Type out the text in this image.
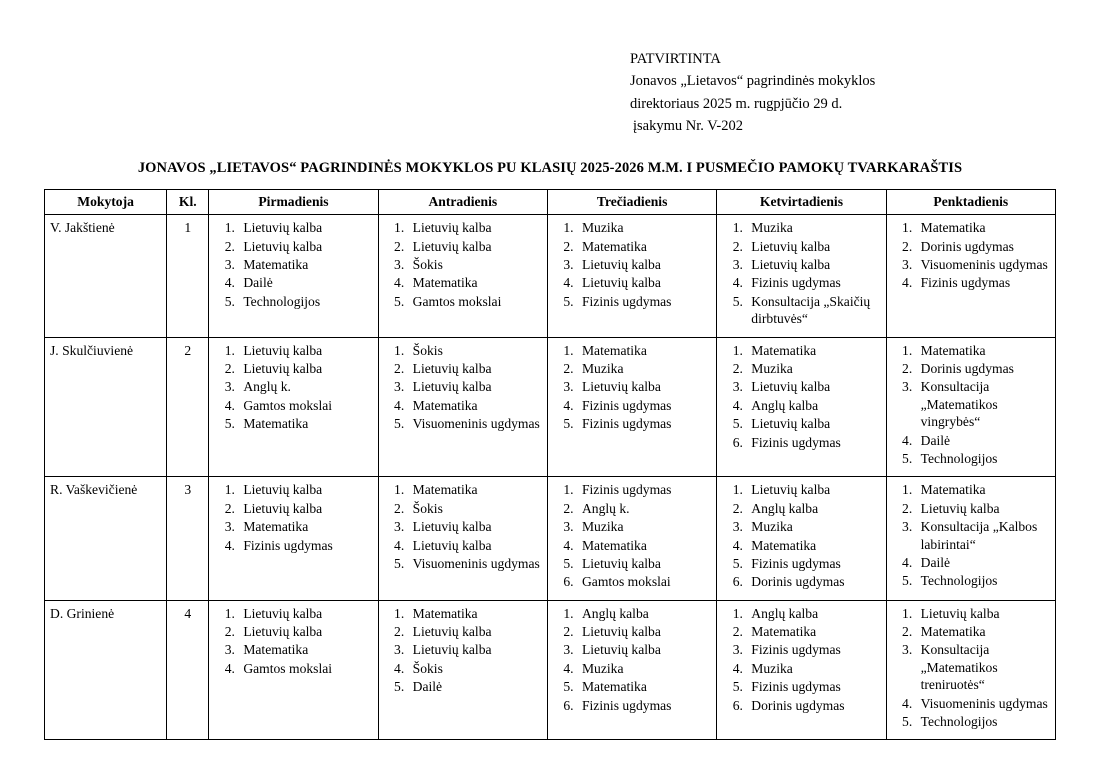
PATVIRTINTA
Jonavos „Lietavos“ pagrindinės mokyklos
direktoriaus 2025 m. rugpjūčio 29 d.
įsakymu Nr. V-202
JONAVOS „LIETAVOS“ PAGRINDINĖS MOKYKLOS PU KLASIŲ 2025-2026 M.M. I PUSMEČIO PAMOKŲ TVARKARAŠTIS
Mokytoja	Kl.	Pirmadienis	Antradienis	Trečiadienis	Ketvirtadienis	Penktadienis
V. Jakštienė	1	
1.Lietuvių kalba
2. Lietuvių kalba
3. Matematika
4. Dailė
5. Technologijos

1. Lietuvių kalba
2. Lietuvių kalba
3. Šokis
4. Matematika
5. Gamtos mokslai

1. Muzika
2. Matematika
3. Lietuvių kalba
4. Lietuvių kalba
5. Fizinis ugdymas

1. Muzika
2. Lietuvių kalba
3. Lietuvių kalba
4. Fizinis ugdymas
5. Konsultacija „Skaičių dirbtuvės“

1. Matematika
2. Dorinis ugdymas
3. Visuomeninis ugdymas
4. Fizinis ugdymas

J. Skulčiuvienė	2	
1.Lietuvių kalba
2. Lietuvių kalba
3. Anglų k.
4. Gamtos mokslai
5. Matematika

1. Šokis
2. Lietuvių kalba
3. Lietuvių kalba
4. Matematika
5. Visuomeninis ugdymas

1. Matematika
2. Muzika
3. Lietuvių kalba
4. Fizinis ugdymas
5. Fizinis ugdymas

1. Matematika
2. Muzika
3. Lietuvių kalba
4. Anglų kalba
5. Lietuvių kalba
6. Fizinis ugdymas

1. Matematika
2. Dorinis ugdymas
3. Konsultacija „Matematikos vingrybės“
4. Dailė
5. Technologijos

R. Vaškevičienė	3	
1.Lietuvių kalba
2. Lietuvių kalba
3. Matematika
4. Fizinis ugdymas

1. Matematika
2. Šokis
3. Lietuvių kalba
4. Lietuvių kalba
5. Visuomeninis ugdymas

1. Fizinis ugdymas
2. Anglų k.
3. Muzika
4. Matematika
5. Lietuvių kalba
6. Gamtos mokslai

1. Lietuvių kalba
2. Anglų kalba
3. Muzika
4. Matematika
5. Fizinis ugdymas
6. Dorinis ugdymas

1. Matematika
2. Lietuvių kalba
3. Konsultacija „Kalbos labirintai“
4. Dailė
5. Technologijos

D. Grinienė	4	
1.Lietuvių kalba
2. Lietuvių kalba
3. Matematika
4. Gamtos mokslai

1. Matematika
2. Lietuvių kalba
3. Lietuvių kalba
4. Šokis
5. Dailė

1. Anglų kalba
2. Lietuvių kalba
3. Lietuvių kalba
4. Muzika
5. Matematika
6. Fizinis ugdymas

1. Anglų kalba
2. Matematika
3. Fizinis ugdymas
4. Muzika
5. Fizinis ugdymas
6. Dorinis ugdymas

1. Lietuvių kalba
2. Matematika
3. Konsultacija „Matematikos treniruotės“
4. Visuomeninis ugdymas
5. Technologijos
